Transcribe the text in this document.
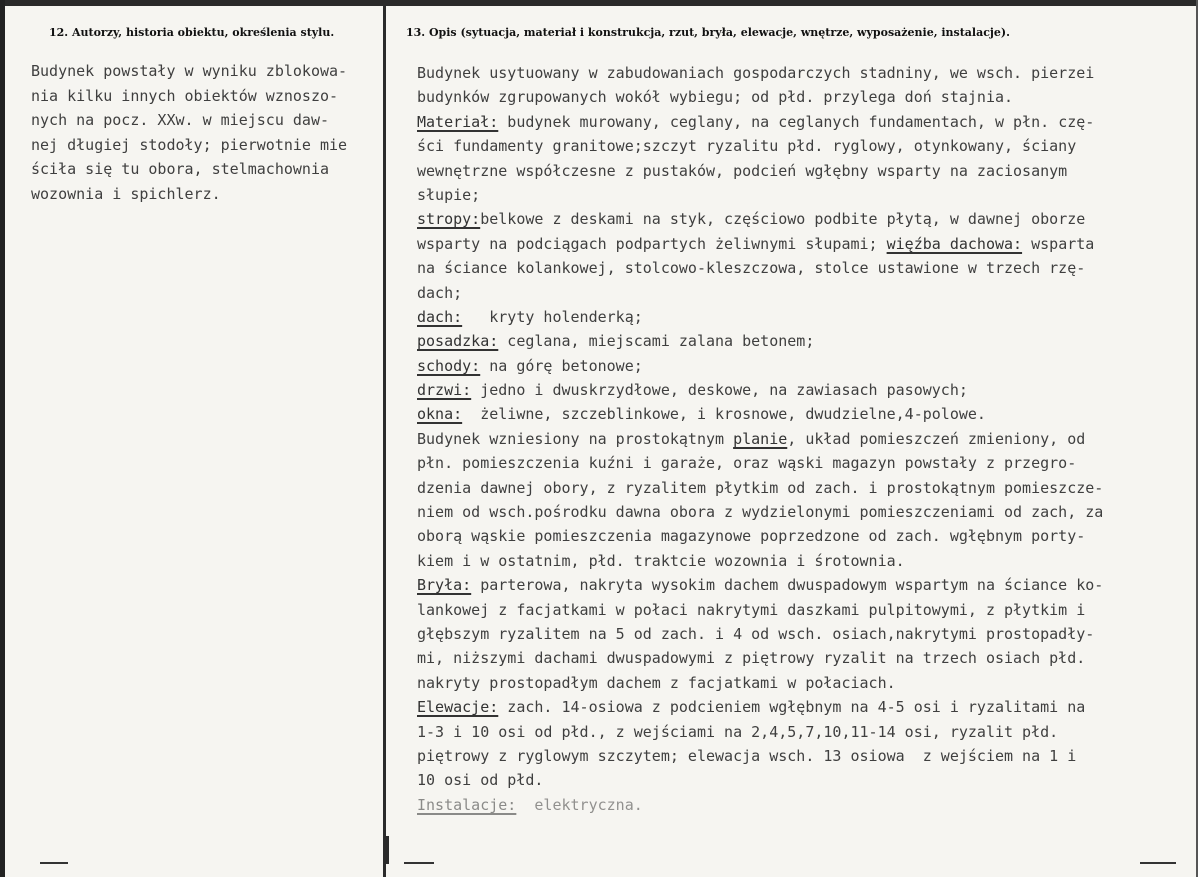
12. Autorzy, historia obiektu, określenia stylu.	13. Opis (sytuacja, materiał i konstrukcja, rzut, bryła, elewacje, wnętrze, wyposażenie, instalacje).
Budynek powstały w wyniku zblokowa-
nia kilku innych obiektów wznoszo-
nych na pocz. XXw. w miejscu daw-
nej długiej stodoły; pierwotnie mie
ściła się tu obora, stelmachownia
wozownia i spichlerz.
Budynek usytuowany w zabudowaniach gospodarczych stadniny, we wsch. pierzei
budynków zgrupowanych wokół wybiegu; od płd. przylega doń stajnia.
Materiał: budynek murowany, ceglany, na ceglanych fundamentach, w płn. czę-
ści fundamenty granitowe;szczyt ryzalitu płd. ryglowy, otynkowany, ściany
wewnętrzne współczesne z pustaków, podcień wgłębny wsparty na zaciosanym
słupie;
stropy:belkowe z deskami na styk, częściowo podbite płytą, w dawnej oborze
wsparty na podciągach podpartych żeliwnymi słupami; więźba dachowa: wsparta
na ściance kolankowej, stolcowo-kleszczowa, stolce ustawione w trzech rzę-
dach;
dach:   kryty holenderką;
posadzka: ceglana, miejscami zalana betonem;
schody: na górę betonowe;
drzwi: jedno i dwuskrzydłowe, deskowe, na zawiasach pasowych;
okna:  żeliwne, szczeblinkowe, i krosnowe, dwudzielne,4-polowe.
Budynek wzniesiony na prostokątnym planie, układ pomieszczeń zmieniony, od
płn. pomieszczenia kuźni i garaże, oraz wąski magazyn powstały z przegro-
dzenia dawnej obory, z ryzalitem płytkim od zach. i prostokątnym pomieszcze-
niem od wsch.pośrodku dawna obora z wydzielonymi pomieszczeniami od zach, za
oborą wąskie pomieszczenia magazynowe poprzedzone od zach. wgłębnym porty-
kiem i w ostatnim, płd. traktcie wozownia i śrotownia.
Bryła: parterowa, nakryta wysokim dachem dwuspadowym wspartym na ściance ko-
lankowej z facjatkami w połaci nakrytymi daszkami pulpitowymi, z płytkim i
głębszym ryzalitem na 5 od zach. i 4 od wsch. osiach,nakrytymi prostopadły-
mi, niższymi dachami dwuspadowymi z piętrowy ryzalit na trzech osiach płd.
nakryty prostopadłym dachem z facjatkami w połaciach.
Elewacje: zach. 14-osiowa z podcieniem wgłębnym na 4-5 osi i ryzalitami na
1-3 i 10 osi od płd., z wejściami na 2,4,5,7,10,11-14 osi, ryzalit płd.
piętrowy z ryglowym szczytem; elewacja wsch. 13 osiowa  z wejściem na 1 i
10 osi od płd.
Instalacje:  elektryczna.
